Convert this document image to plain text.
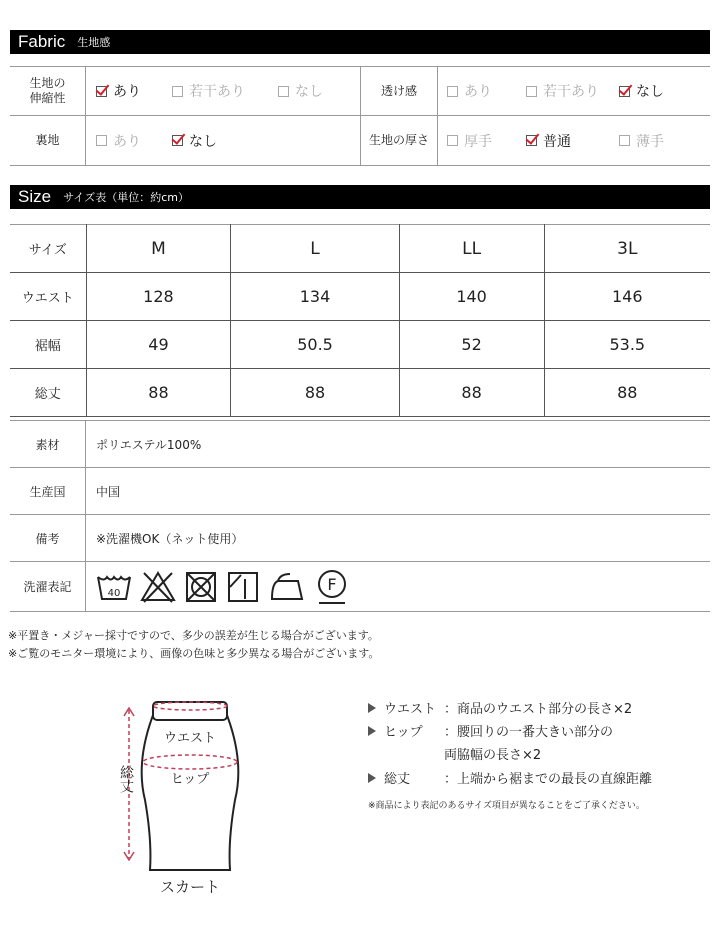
Fabric 生地感
生地の
伸縮性	あり	若干あり	なし	透け感	あり	若干あり	なし
裏地	あり	なし	生地の厚さ	厚手	普通	薄手
Size サイズ表（単位：約cm）
サイズ	M	L	LL	3L
ウエスト	128	134	140	146
裾幅	49	50.5	52	53.5
総丈	88	88	88	88
素材	ポリエステル100%
生産国	中国
備考	※洗濯機OK（ネット使用）
洗濯表記	40	F
※平置き・メジャー採寸ですので、多少の誤差が生じる場合がございます。
※ご覧のモニター環境により、画像の色味と多少異なる場合がございます。
ウエスト
ヒップ
スカート
総丈
ウエスト ：商品のウエスト部分の長さ×2
ヒップ ：腰回りの一番大きい部分の
両脇幅の長さ×2
総丈	：上端から裾までの最長の直線距離
※商品により表記のあるサイズ項目が異なることをご了承ください。
